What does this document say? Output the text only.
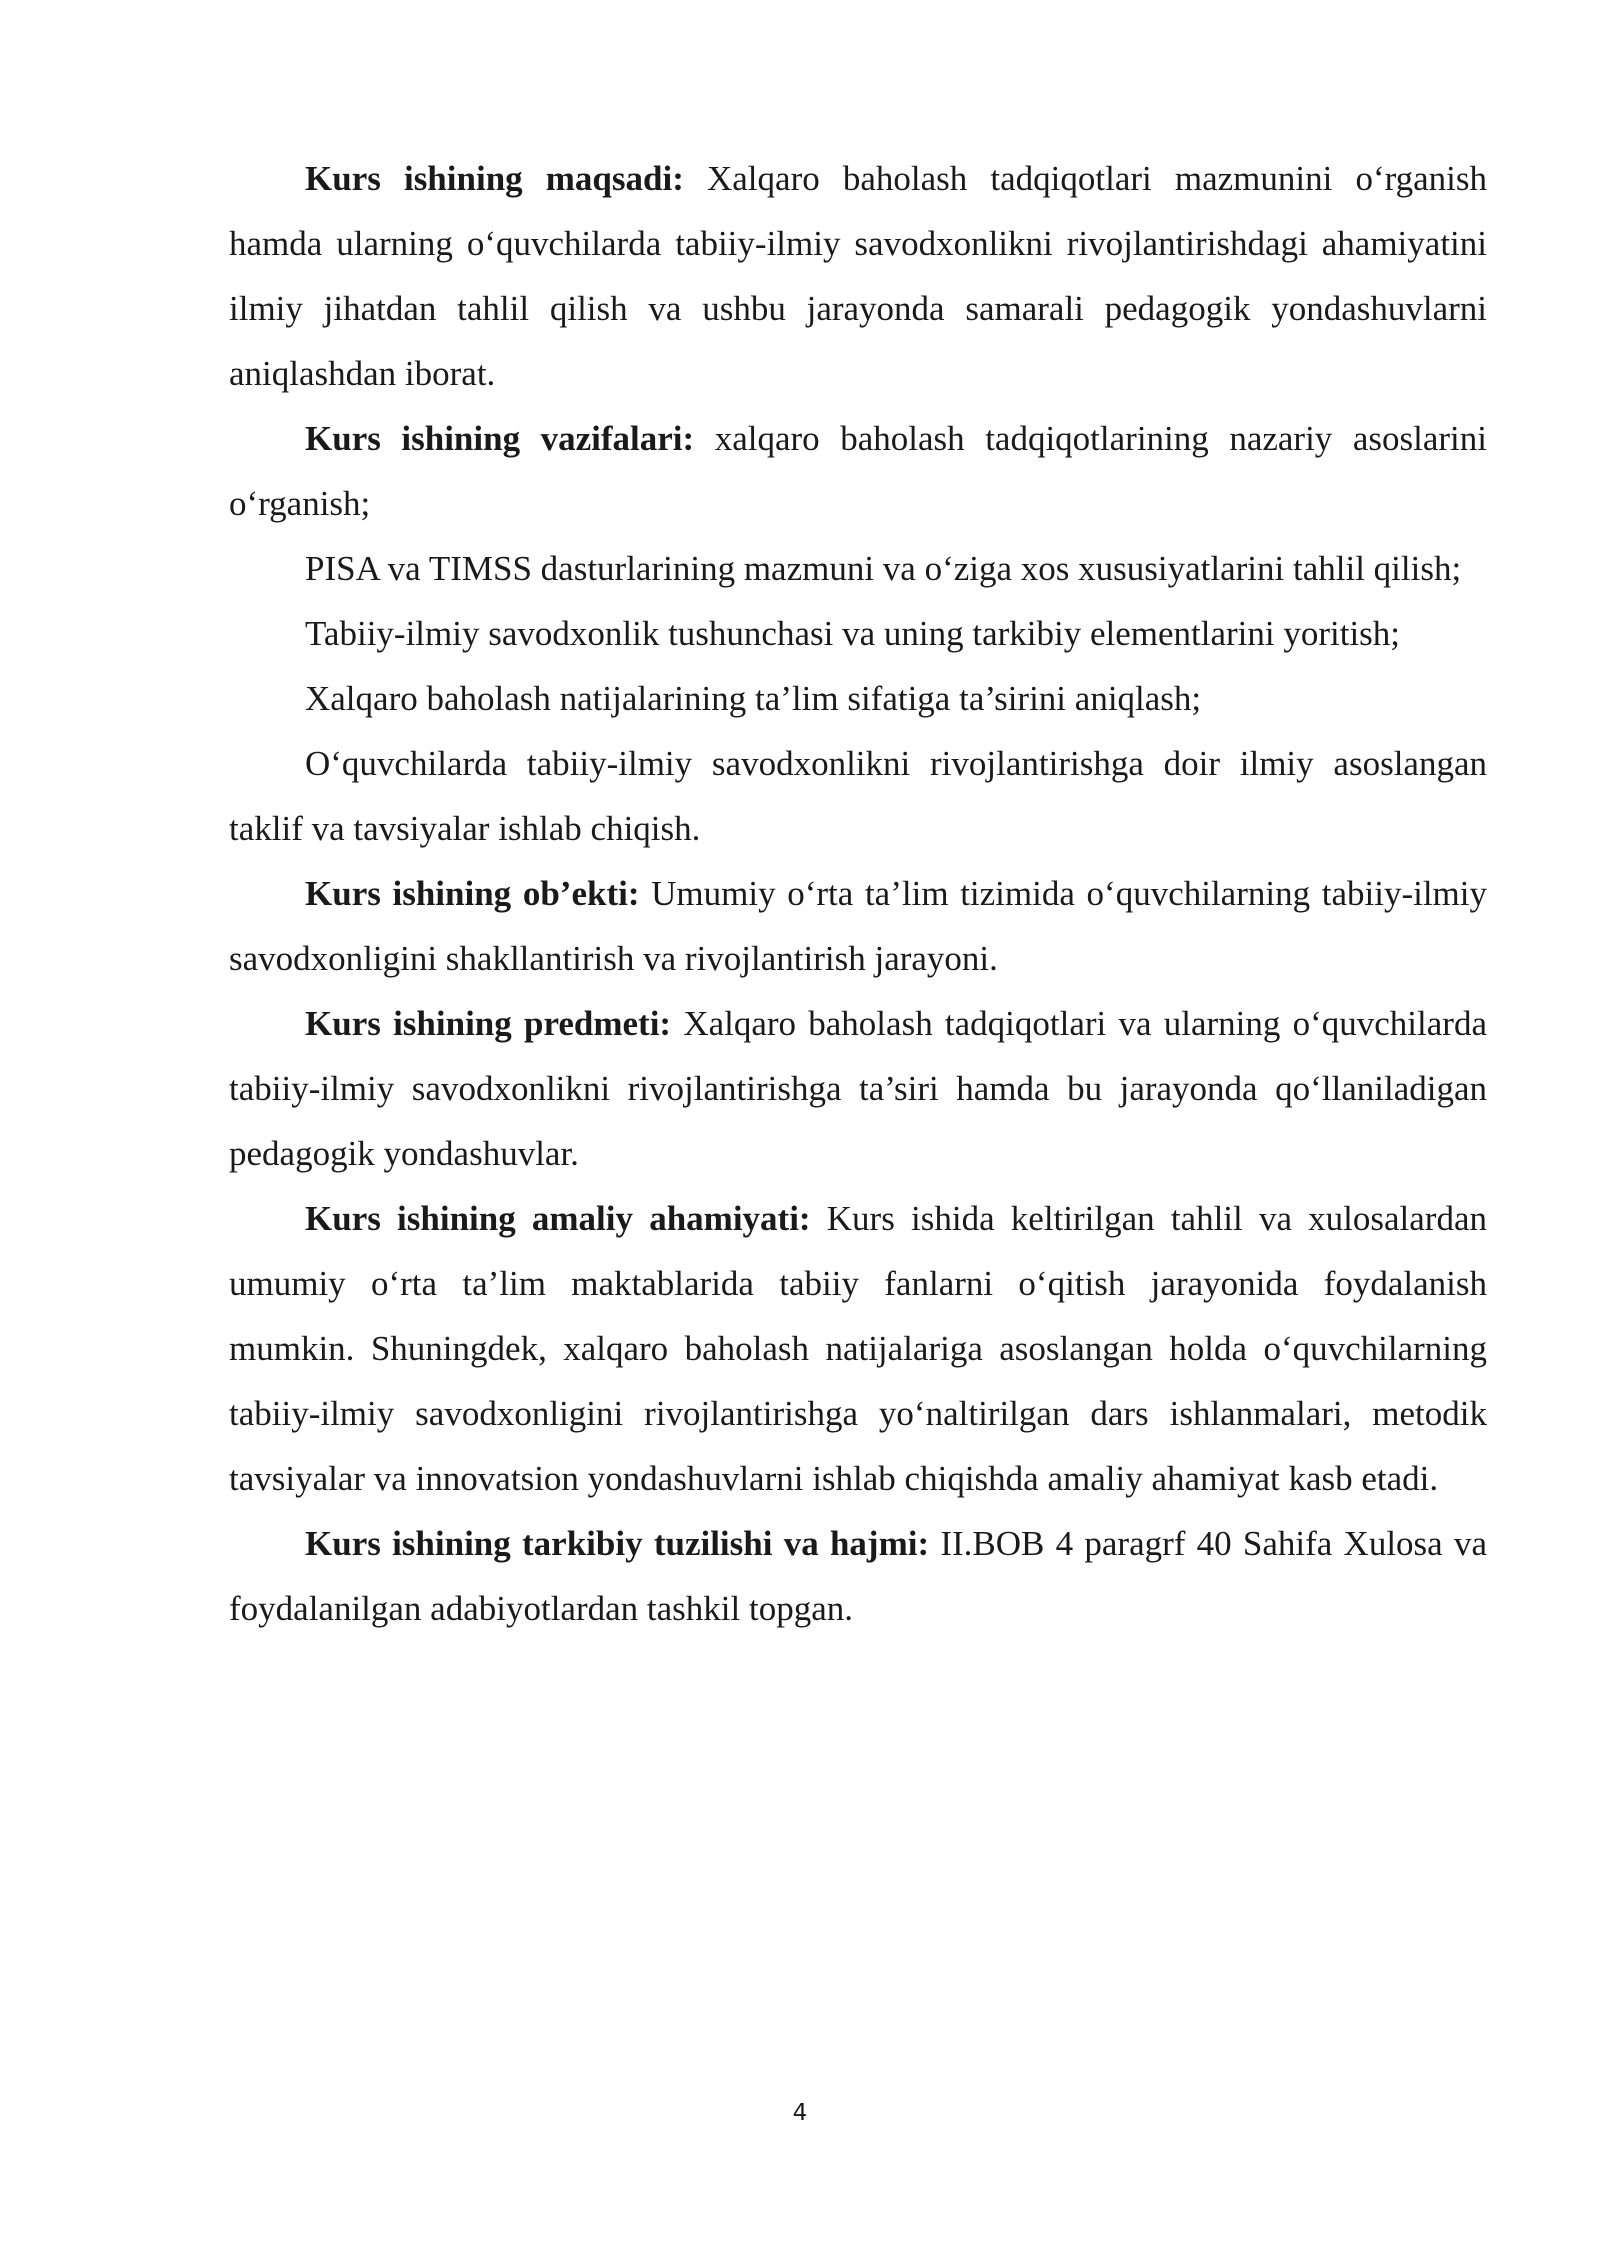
Kurs ishining maqsadi: Xalqaro baholash tadqiqotlari mazmunini o‘rganish hamda ularning o‘quvchilarda tabiiy-ilmiy savodxonlikni rivojlantirishdagi ahamiyatini ilmiy jihatdan tahlil qilish va ushbu jarayonda samarali pedagogik yondashuvlarni aniqlashdan iborat.

Kurs ishining vazifalari: xalqaro baholash tadqiqotlarining nazariy asoslarini o‘rganish;

PISA va TIMSS dasturlarining mazmuni va o‘ziga xos xususiyatlarini tahlil qilish;

Tabiiy-ilmiy savodxonlik tushunchasi va uning tarkibiy elementlarini yoritish;

Xalqaro baholash natijalarining ta’lim sifatiga ta’sirini aniqlash;

O‘quvchilarda tabiiy-ilmiy savodxonlikni rivojlantirishga doir ilmiy asoslangan taklif va tavsiyalar ishlab chiqish.

Kurs ishining ob’ekti: Umumiy o‘rta ta’lim tizimida o‘quvchilarning tabiiy-ilmiy savodxonligini shakllantirish va rivojlantirish jarayoni.

Kurs ishining predmeti: Xalqaro baholash tadqiqotlari va ularning o‘quvchilarda tabiiy-ilmiy savodxonlikni rivojlantirishga ta’siri hamda bu jarayonda qo‘llaniladigan pedagogik yondashuvlar.

Kurs ishining amaliy ahamiyati: Kurs ishida keltirilgan tahlil va xulosalardan umumiy o‘rta ta’lim maktablarida tabiiy fanlarni o‘qitish jarayonida foydalanish mumkin. Shuningdek, xalqaro baholash natijalariga asoslangan holda o‘quvchilarning tabiiy-ilmiy savodxonligini rivojlantirishga yo‘naltirilgan dars ishlanmalari, metodik tavsiyalar va innovatsion yondashuvlarni ishlab chiqishda amaliy ahamiyat kasb etadi.

Kurs ishining tarkibiy tuzilishi va hajmi: II.BOB 4 paragrf 40 Sahifa Xulosa va foydalanilgan adabiyotlardan tashkil topgan.

4
